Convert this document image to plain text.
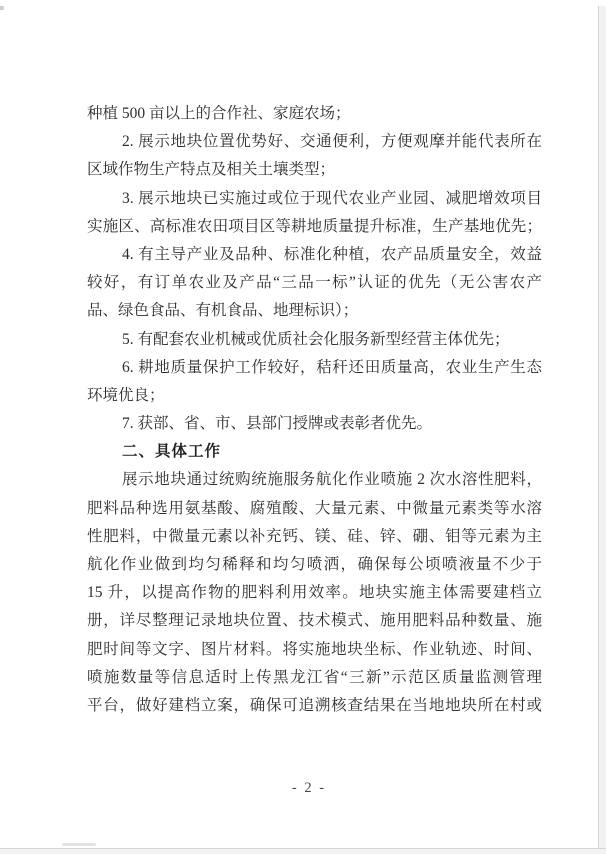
种植 500 亩以上的合作社、家庭农场；
2. 展示地块位置优势好、交通便利，方便观摩并能代表所在
区域作物生产特点及相关土壤类型；
3. 展示地块已实施过或位于现代农业产业园、减肥增效项目
实施区、高标准农田项目区等耕地质量提升标准，生产基地优先；
4. 有主导产业及品种、标准化种植，农产品质量安全，效益
较好，有订单农业及产品“三品一标”认证的优先（无公害农产
品、绿色食品、有机食品、地理标识）；
5. 有配套农业机械或优质社会化服务新型经营主体优先；
6. 耕地质量保护工作较好，秸秆还田质量高，农业生产生态
环境优良；
7. 获部、省、市、县部门授牌或表彰者优先。
二、具体工作
展示地块通过统购统施服务航化作业喷施 2 次水溶性肥料，
肥料品种选用氨基酸、腐殖酸、大量元素、中微量元素类等水溶
性肥料，中微量元素以补充钙、镁、硅、锌、硼、钼等元素为主
航化作业做到均匀稀释和均匀喷洒，确保每公顷喷液量不少于
15 升，以提高作物的肥料利用效率。地块实施主体需要建档立
册，详尽整理记录地块位置、技术模式、施用肥料品种数量、施
肥时间等文字、图片材料。将实施地块坐标、作业轨迹、时间、
喷施数量等信息适时上传黑龙江省“三新”示范区质量监测管理
平台，做好建档立案，确保可追溯核查结果在当地地块所在村或
- 2 -
